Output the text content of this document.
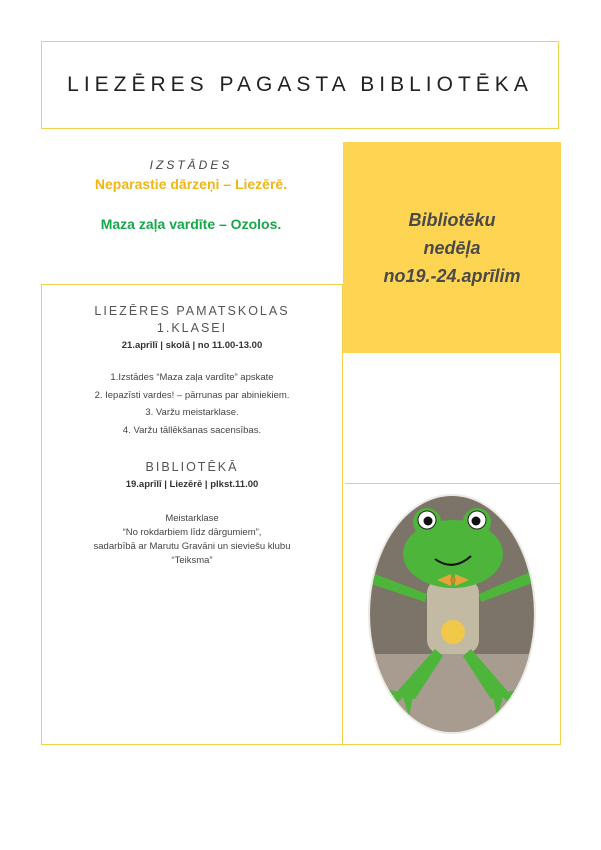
LIEZĒRES PAGASTA BIBLIOTĒKA
IZSTĀDES
Neparastie dārzeņi – Liezērē.
Maza zaļa vardīte – Ozolos.	Bibliotēku
nedēļa
no19.-24.aprīlim
LIEZĒRES PAMATSKOLAS
1.KLASEI
21.aprīlī | skolā | no 11.00-13.00
1.Izstādes “Maza zaļa vardīte” apskate
2. Iepazīsti vardes! – pārrunas par abiniekiem.
3. Varžu meistarklase.
4. Varžu tāllēkšanas sacensības.
BIBLIOTĒKĀ
19.aprīlī | Liezērē | plkst.11.00
Meistarklase
“No rokdarbiem līdz dārgumiem”,
sadarbībā ar Marutu Gravāni un sieviešu klubu
“Teiksma”
